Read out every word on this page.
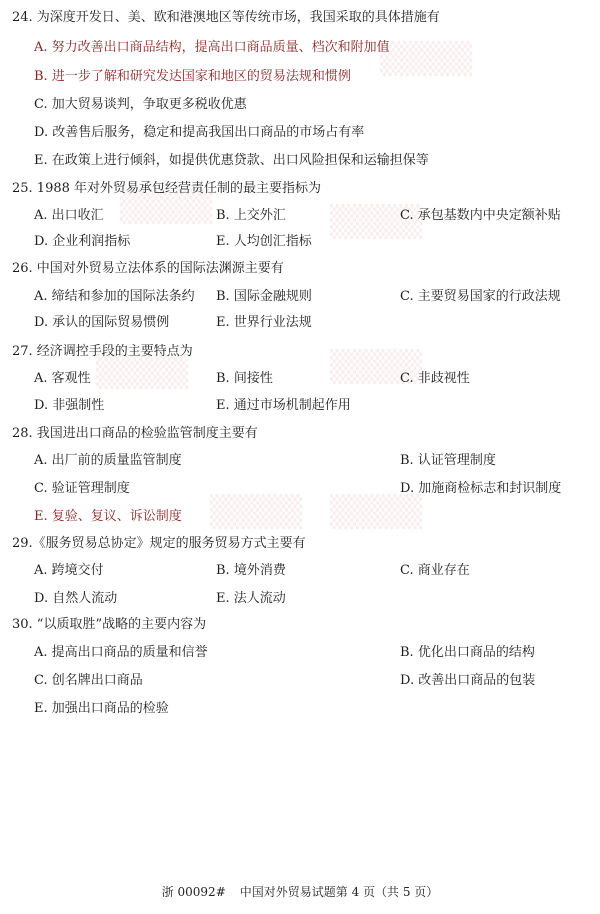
▒▒▒▒
▒▒▒▒	▒▒▒▒
▒▒▒▒	▒▒▒▒
▒▒▒▒ ▒▒▒▒
24. 为深度开发日、美、欧和港澳地区等传统市场，我国采取的具体措施有
A. 努力改善出口商品结构，提高出口商品质量、档次和附加值
B. 进一步了解和研究发达国家和地区的贸易法规和惯例
C. 加大贸易谈判，争取更多税收优惠
D. 改善售后服务，稳定和提高我国出口商品的市场占有率
E. 在政策上进行倾斜，如提供优惠贷款、出口风险担保和运输担保等
25. 1988 年对外贸易承包经营责任制的最主要指标为
A. 出口收汇	B. 上交外汇	C. 承包基数内中央定额补贴
D. 企业利润指标	E. 人均创汇指标
26. 中国对外贸易立法体系的国际法渊源主要有
A. 缔结和参加的国际法条约 B. 国际金融规则	C. 主要贸易国家的行政法规
D. 承认的国际贸易惯例	E. 世界行业法规
27. 经济调控手段的主要特点为
A. 客观性	B. 间接性	C. 非歧视性
D. 非强制性	E. 通过市场机制起作用
28. 我国进出口商品的检验监管制度主要有
A. 出厂前的质量监管制度	B. 认证管理制度
C. 验证管理制度	D. 加施商检标志和封识制度
E. 复验、复议、诉讼制度
29.《服务贸易总协定》规定的服务贸易方式主要有
A. 跨境交付	B. 境外消费	C. 商业存在
D. 自然人流动	E. 法人流动
30. “以质取胜”战略的主要内容为
A. 提高出口商品的质量和信誉	B. 优化出口商品的结构
C. 创名牌出口商品	D. 改善出口商品的包装
E. 加强出口商品的检验
浙 00092# 中国对外贸易试题第 4 页（共 5 页）
